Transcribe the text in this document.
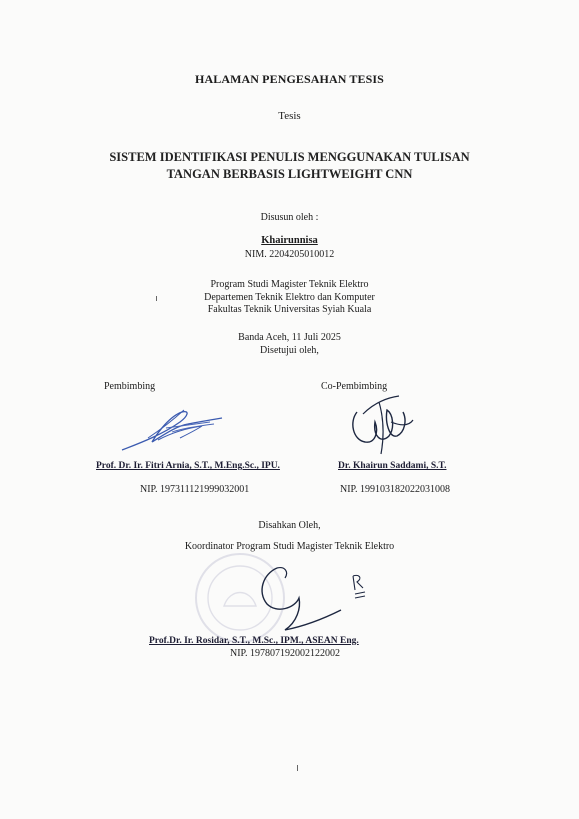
HALAMAN PENGESAHAN TESIS
Tesis
SISTEM IDENTIFIKASI PENULIS MENGGUNAKAN TULISAN
TANGAN BERBASIS LIGHTWEIGHT CNN
Disusun oleh :
Khairunnisa
NIM. 2204205010012
Program Studi Magister Teknik Elektro
Departemen Teknik Elektro dan Komputer
Fakultas Teknik Universitas Syiah Kuala
Banda Aceh, 11 Juli 2025
Disetujui oleh,
Pembimbing	Co-Pembimbing
Prof. Dr. Ir. Fitri Arnia, S.T., M.Eng.Sc., IPU.	Dr. Khairun Saddami, S.T.
NIP. 197311121999032001	NIP. 199103182022031008
Disahkan Oleh,
Koordinator Program Studi Magister Teknik Elektro
Prof.Dr. Ir. Rosidar, S.T., M.Sc., IPM., ASEAN Eng.
NIP. 197807192002122002
